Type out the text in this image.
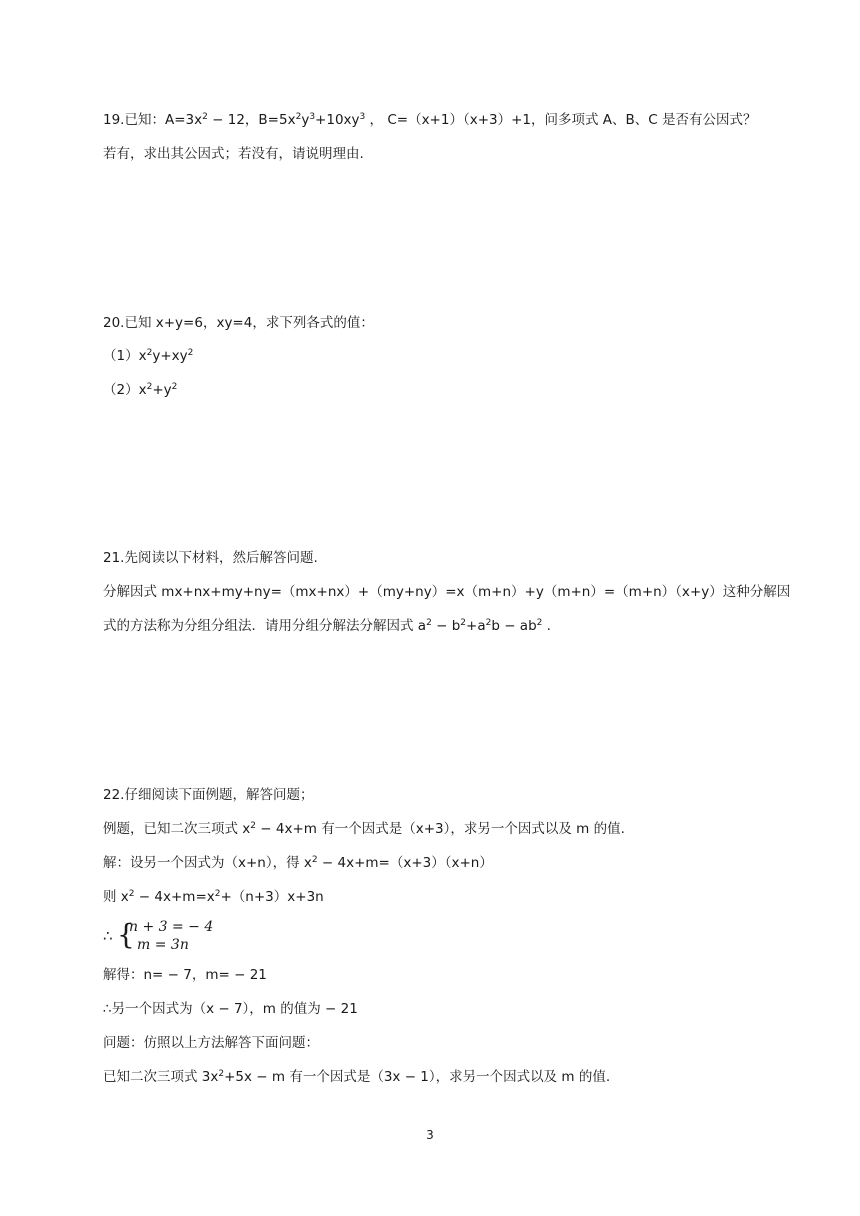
19.已知：$A=3x^2 - 12$，$B=5x^2y^3+10xy^3$ ， C=（x+1）（x+3）+1，问多项式 A、B、C 是否有公因式？
若有，求出其公因式；若没有，请说明理由.
20.已知 x+y=6，xy=4，求下列各式的值：
$(1)x^2y+xy^2$
$(2)x^2+y^2$
21.先阅读以下材料，然后解答问题.
分解因式 mx+nx+my+ny=（mx+nx）+（my+ny）=x（m+n）+y（m+n）=（m+n）（x+y）这种分解因
式的方法称为分组分组法．请用分组分解法分解因式 $a^2 - b^2+a^2b - ab^2$ .
22.仔细阅读下面例题，解答问题；
例题，已知二次三项式 $x^2 - 4x+m$ 有一个因式是（x+3），求另一个因式以及 m 的值.
解：设另一个因式为（x+n），得 $x^2 - 4x+m=(x+3)(x+n)$
则 $x^2 - 4x+m=x^2+(n+3)x+3n$
∴ {
n + 3 = − 4
m = 3n
解得：n= − 7，m= − 21
∴另一个因式为（x − 7），m 的值为 − 21
问题：仿照以上方法解答下面问题：
已知二次三项式 $3x^2+5x - m$ 有一个因式是（3x − 1），求另一个因式以及 m 的值.
3
